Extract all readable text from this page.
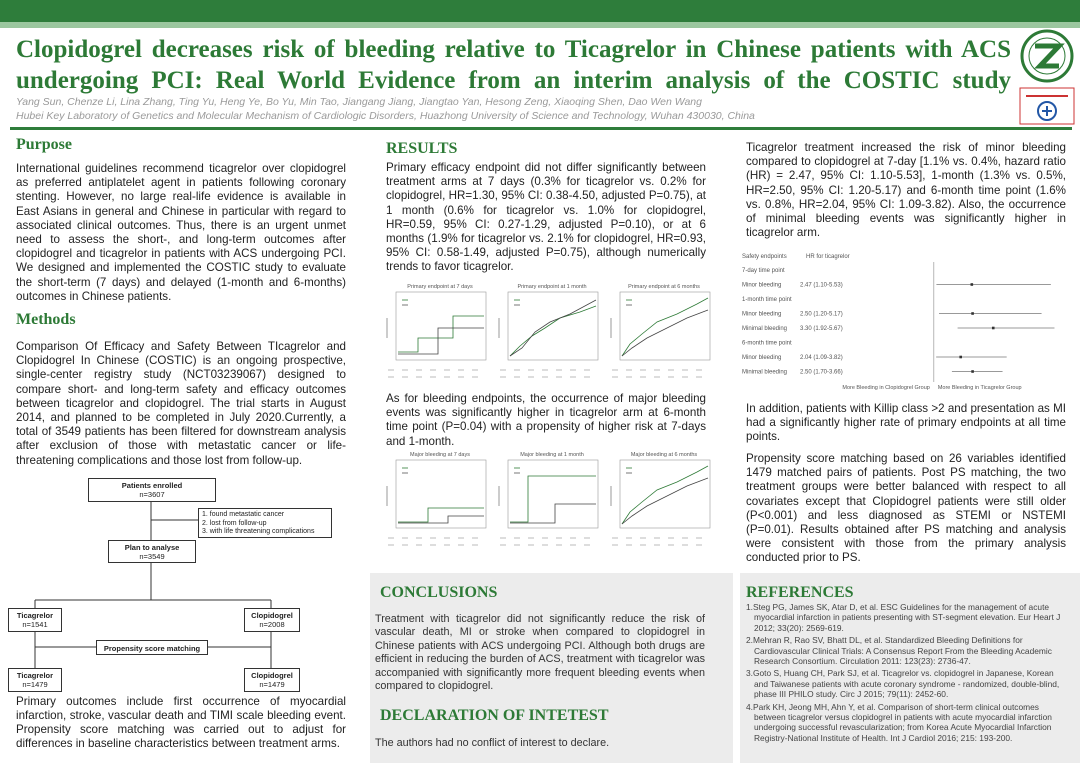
Clopidogrel decreases risk of bleeding relative to Ticagrelor in Chinese patients with ACS undergoing PCI: Real World Evidence from an interim analysis of the COSTIC study
Yang Sun, Chenze Li, Lina Zhang, Ting Yu, Heng Ye, Bo Yu, Min Tao, Jiangang Jiang, Jiangtao Yan, Hesong Zeng, Xiaoqing Shen, Dao Wen Wang
Hubei Key Laboratory of Genetics and Molecular Mechanism of Cardiologic Disorders, Huazhong University of Science and Technology, Wuhan 430030, China
Purpose
International guidelines recommend ticagrelor over clopidogrel as preferred antiplatelet agent in patients following coronary stenting. However, no large real-life evidence is available in East Asians in general and Chinese in particular with regard to associated clinical outcomes. Thus, there is an urgent unmet need to assess the short-, and long-term outcomes after clopidogrel and ticagrelor in patients with ACS undergoing PCI. We designed and implemented the COSTIC study to evaluate the short-term (7 days) and delayed (1-month and 6-months) outcomes in Chinese patients.
Methods
Comparison Of Efficacy and Safety Between TIcagrelor and Clopidogrel In Chinese (COSTIC) is an ongoing prospective, single-center registry study (NCT03239067) designed to compare short- and long-term safety and efficacy outcomes between ticagrelor and clopidogrel. The trial starts in August 2014, and planned to be completed in July 2020.Currently, a total of 3549 patients has been filtered for downstream analysis after exclusion of those with metastatic cancer or life-threatening complications and those lost from follow-up.
Patients enrolled
n=3607
1. found metastatic cancer
2. lost from follow-up
3. with life threatening complications
Plan to analyse
n=3549
Ticagrelor
n=1541
Clopidogrel
n=2008
Propensity score matching
Ticagrelor
n=1479
Clopidogrel
n=1479
Primary outcomes include first occurrence of myocardial infarction, stroke, vascular death and TIMI scale bleeding event. Propensity score matching was carried out to adjust for differences in baseline characteristics between treatment arms.
RESULTS
Primary efficacy endpoint did not differ significantly between treatment arms at 7 days (0.3% for ticagrelor vs. 0.2% for clopidogrel, HR=1.30, 95% CI: 0.38-4.50, adjusted P=0.75), at 1 month (0.6% for ticagrelor vs. 1.0% for clopidogrel, HR=0.59, 95% CI: 0.27-1.29, adjusted P=0.10), or at 6 months (1.9% for ticagrelor vs. 2.1% for clopidogrel, HR=0.93, 95% CI: 0.58-1.49, adjusted P=0.75), although numerically trends to favor ticagrelor.
Primary endpoint at 7 days	Primary endpoint at 1 month	Primary endpoint at 6 months
As for bleeding endpoints, the occurrence of major bleeding events was significantly higher in ticagrelor arm at 6-month time point (P=0.04) with a propensity of higher risk at 7-days and 1-month.
Major bleeding at 7 days	Major bleeding at 1 month	Major bleeding at 6 months
Ticagrelor treatment increased the risk of minor bleeding compared to clopidogrel at 7-day [1.1% vs. 0.4%, hazard ratio (HR) = 2.47, 95% CI: 1.10-5.53], 1-month (1.3% vs. 0.5%, HR=2.50, 95% CI: 1.20-5.17) and 6-month time point (1.6% vs. 0.8%, HR=2.04, 95% CI: 1.09-3.82). Also, the occurrence of minimal bleeding events was significantly higher in ticagrelor arm.
Safety endpoints	HR for ticagrelor
7-day time point
Minor bleeding	2.47 (1.10-5.53)
1-month time point
Minor bleeding	2.50 (1.20-5.17)
Minimal bleeding 3.30 (1.92-5.67)
6-month time point
Minor bleeding	2.04 (1.09-3.82)
Minimal bleeding 2.50 (1.70-3.66)
More Bleeding in Clopidogrel Group More Bleeding in Ticagrelor Group
In addition, patients with Killip class >2 and presentation as MI had a significantly higher rate of primary endpoints at all time points.
Propensity score matching based on 26 variables identified 1479 matched pairs of patients. Post PS matching, the two treatment groups were better balanced with respect to all covariates except that Clopidogrel patients were still older (P<0.001) and less diagnosed as STEMI or NSTEMI (P=0.01). Results obtained after PS matching and analysis were consistent with those from the primary analysis conducted prior to PS.
CONCLUSIONS
Treatment with ticagrelor did not significantly reduce the risk of vascular death, MI or stroke when compared to clopidogrel in Chinese patients with ACS undergoing PCI. Although both drugs are efficient in reducing the burden of ACS, treatment with ticagrelor was accompanied with significantly more frequent bleeding events when compared to clopidogrel.
DECLARATION OF INTETEST
The authors had no conflict of interest to declare.
REFERENCES
1.Steg PG, James SK, Atar D, et al. ESC Guidelines for the management of acute myocardial infarction in patients presenting with ST-segment elevation. Eur Heart J 2012; 33(20): 2569-619.
2.Mehran R, Rao SV, Bhatt DL, et al. Standardized Bleeding Definitions for Cardiovascular Clinical Trials: A Consensus Report From the Bleeding Academic Research Consortium. Circulation 2011: 123(23): 2736-47.
3.Goto S, Huang CH, Park SJ, et al. Ticagrelor vs. clopidogrel in Japanese, Korean and Taiwanese patients with acute coronary syndrome - randomized, double-blind, phase III PHILO study. Circ J 2015; 79(11): 2452-60.
4.Park KH, Jeong MH, Ahn Y, et al. Comparison of short-term clinical outcomes between ticagrelor versus clopidogrel in patients with acute myocardial infarction undergoing successful revascularization; from Korea Acute Myocardial Infarction Registry-National Institute of Health. Int J Cardiol 2016; 215: 193-200.
